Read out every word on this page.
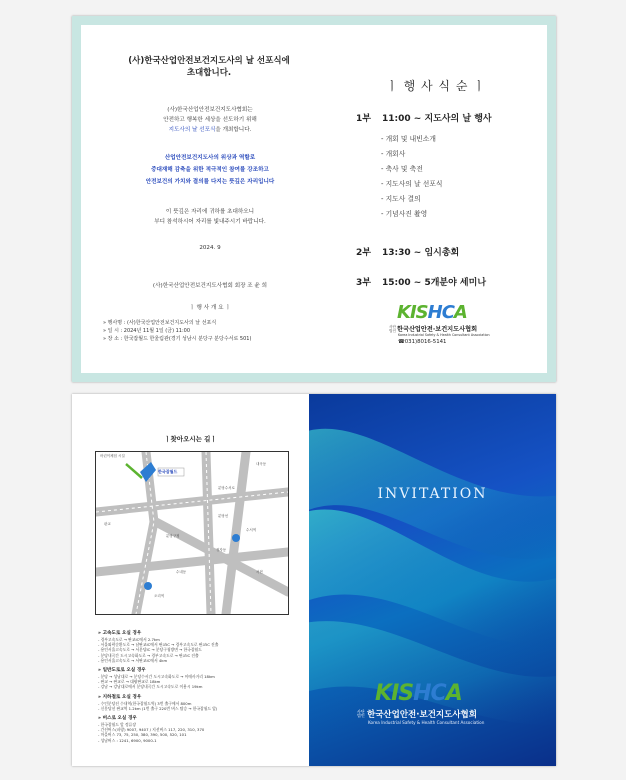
(사)한국산업안전보건지도사의 날 선포식에
초대합니다.
(사)한국산업안전보건지도사협회는
안전하고 행복한 세상을 선도하기 위해
지도사의 날 선포식을 개최합니다.
산업안전보건지도사의 위상과 역할로
중대재해 감축을 위한 적극적인 참여를 강조하고
안전보건의 가치와 결의를 다지는 뜻깊은 자리입니다
이 뜻깊은 자리에 귀하를 초대하오니
부디 참석하시어 자리를 빛내주시기 바랍니다.
2024. 9
(사)한국산업안전보건지도사협회 회장 조 윤 희
ㅣ 행 사 개 요 ㅣ
» 행사명 : (사)한국산업안전보건지도사의 날 선포식
» 일 시 : 2024년 11월 1일 (금) 11:00
» 장 소 : 한국잡월드 한울림관(경기 성남시 분당구 분당수서로 501)
ㅣ 행 사 식 순 ㅣ
1부 11:00 ~ 지도사의 날 행사
- 개회 및 내빈소개
- 개회사
- 축사 및 축전
- 지도사의 날 선포식
- 지도사 결의
- 기념사진 촬영
2부 13:30 ~ 임시총회
3부 15:00 ~ 5개분야 세미나
KISHCA
사단법인 한국산업안전·보건지도사협회
Korea Industrial Safety & Health Consultant Association
☎031)8016-5141
ㅣ찾아오시는 길ㅣ
어린이체험 시설
한국잡월드
분당수서로
내곡동
분당구청
판교
정자동
수내동	서현
분당선
수서역
오리역
» 고속도로 오실 경우
- 경부고속도로 → 판교IC에서 2.7km
- 서울외곽순환도로 → 남판교IC에서 판교IC → 경부고속도로 판교IC 진출
- 용인서울고속도로 → 서분당IC → 분당구청방면 → 한국잡월드
- 분당내곡간 도시고속화도로 → 경부고속도로 → 판교IC 진출
- 용인서울고속도로 → 서판교IC에서 4km
» 일반도로로 오실 경우
- 분당 → 성남대로 → 분당수서간 도시고속화도로 → 이매사거리 18km
- 판교 → 판교로 → 대왕판교로 18km
- 강남 → 강남대로에서 분당내곡간 도시고속도로 이용시 19km
» 지하철로 오실 경우
- 수인분당선 수내역(한국잡월드역) 3번 출구에서 800m
- 신분당선 판교역 1.2km (1번 출구 220번 버스 탑승 → 한국잡월드 앞)
» 버스로 오실 경우
- 한국잡월드 앞 정류장
- 간선버스(파랑) 9007, 9407 / 지선버스 117, 220, 310, 370
- 마을버스 73, 75, 250, 380, 390, 500, 520, 101
- 성남버스 : 1241, 6900, 9000-1
INVITATION
KISHCA
사단법인 한국산업안전·보건지도사협회
Korea Industrial Safety & Health Consultant Association
